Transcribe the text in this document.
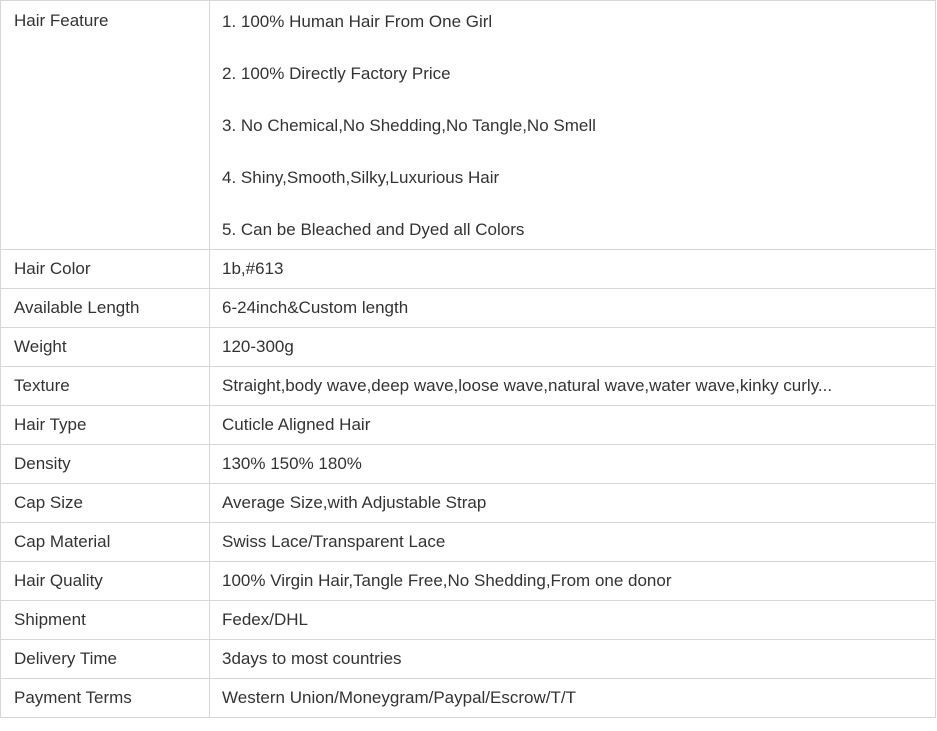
Hair Feature	1. 100% Human Hair From One Girl
2. 100% Directly Factory Price
3. No Chemical,No Shedding,No Tangle,No Smell
4. Shiny,Smooth,Silky,Luxurious Hair
5. Can be Bleached and Dyed all Colors

Hair Color	1b,#613
Available Length	6-24inch&Custom length
Weight	120-300g
Texture	Straight,body wave,deep wave,loose wave,natural wave,water wave,kinky curly...
Hair Type	Cuticle Aligned Hair
Density	130% 150% 180%
Cap Size	Average Size,with Adjustable Strap
Cap Material	Swiss Lace/Transparent Lace
Hair Quality	100% Virgin Hair,Tangle Free,No Shedding,From one donor
Shipment	Fedex/DHL
Delivery Time	3days to most countries
Payment Terms	Western Union/Moneygram/Paypal/Escrow/T/T
